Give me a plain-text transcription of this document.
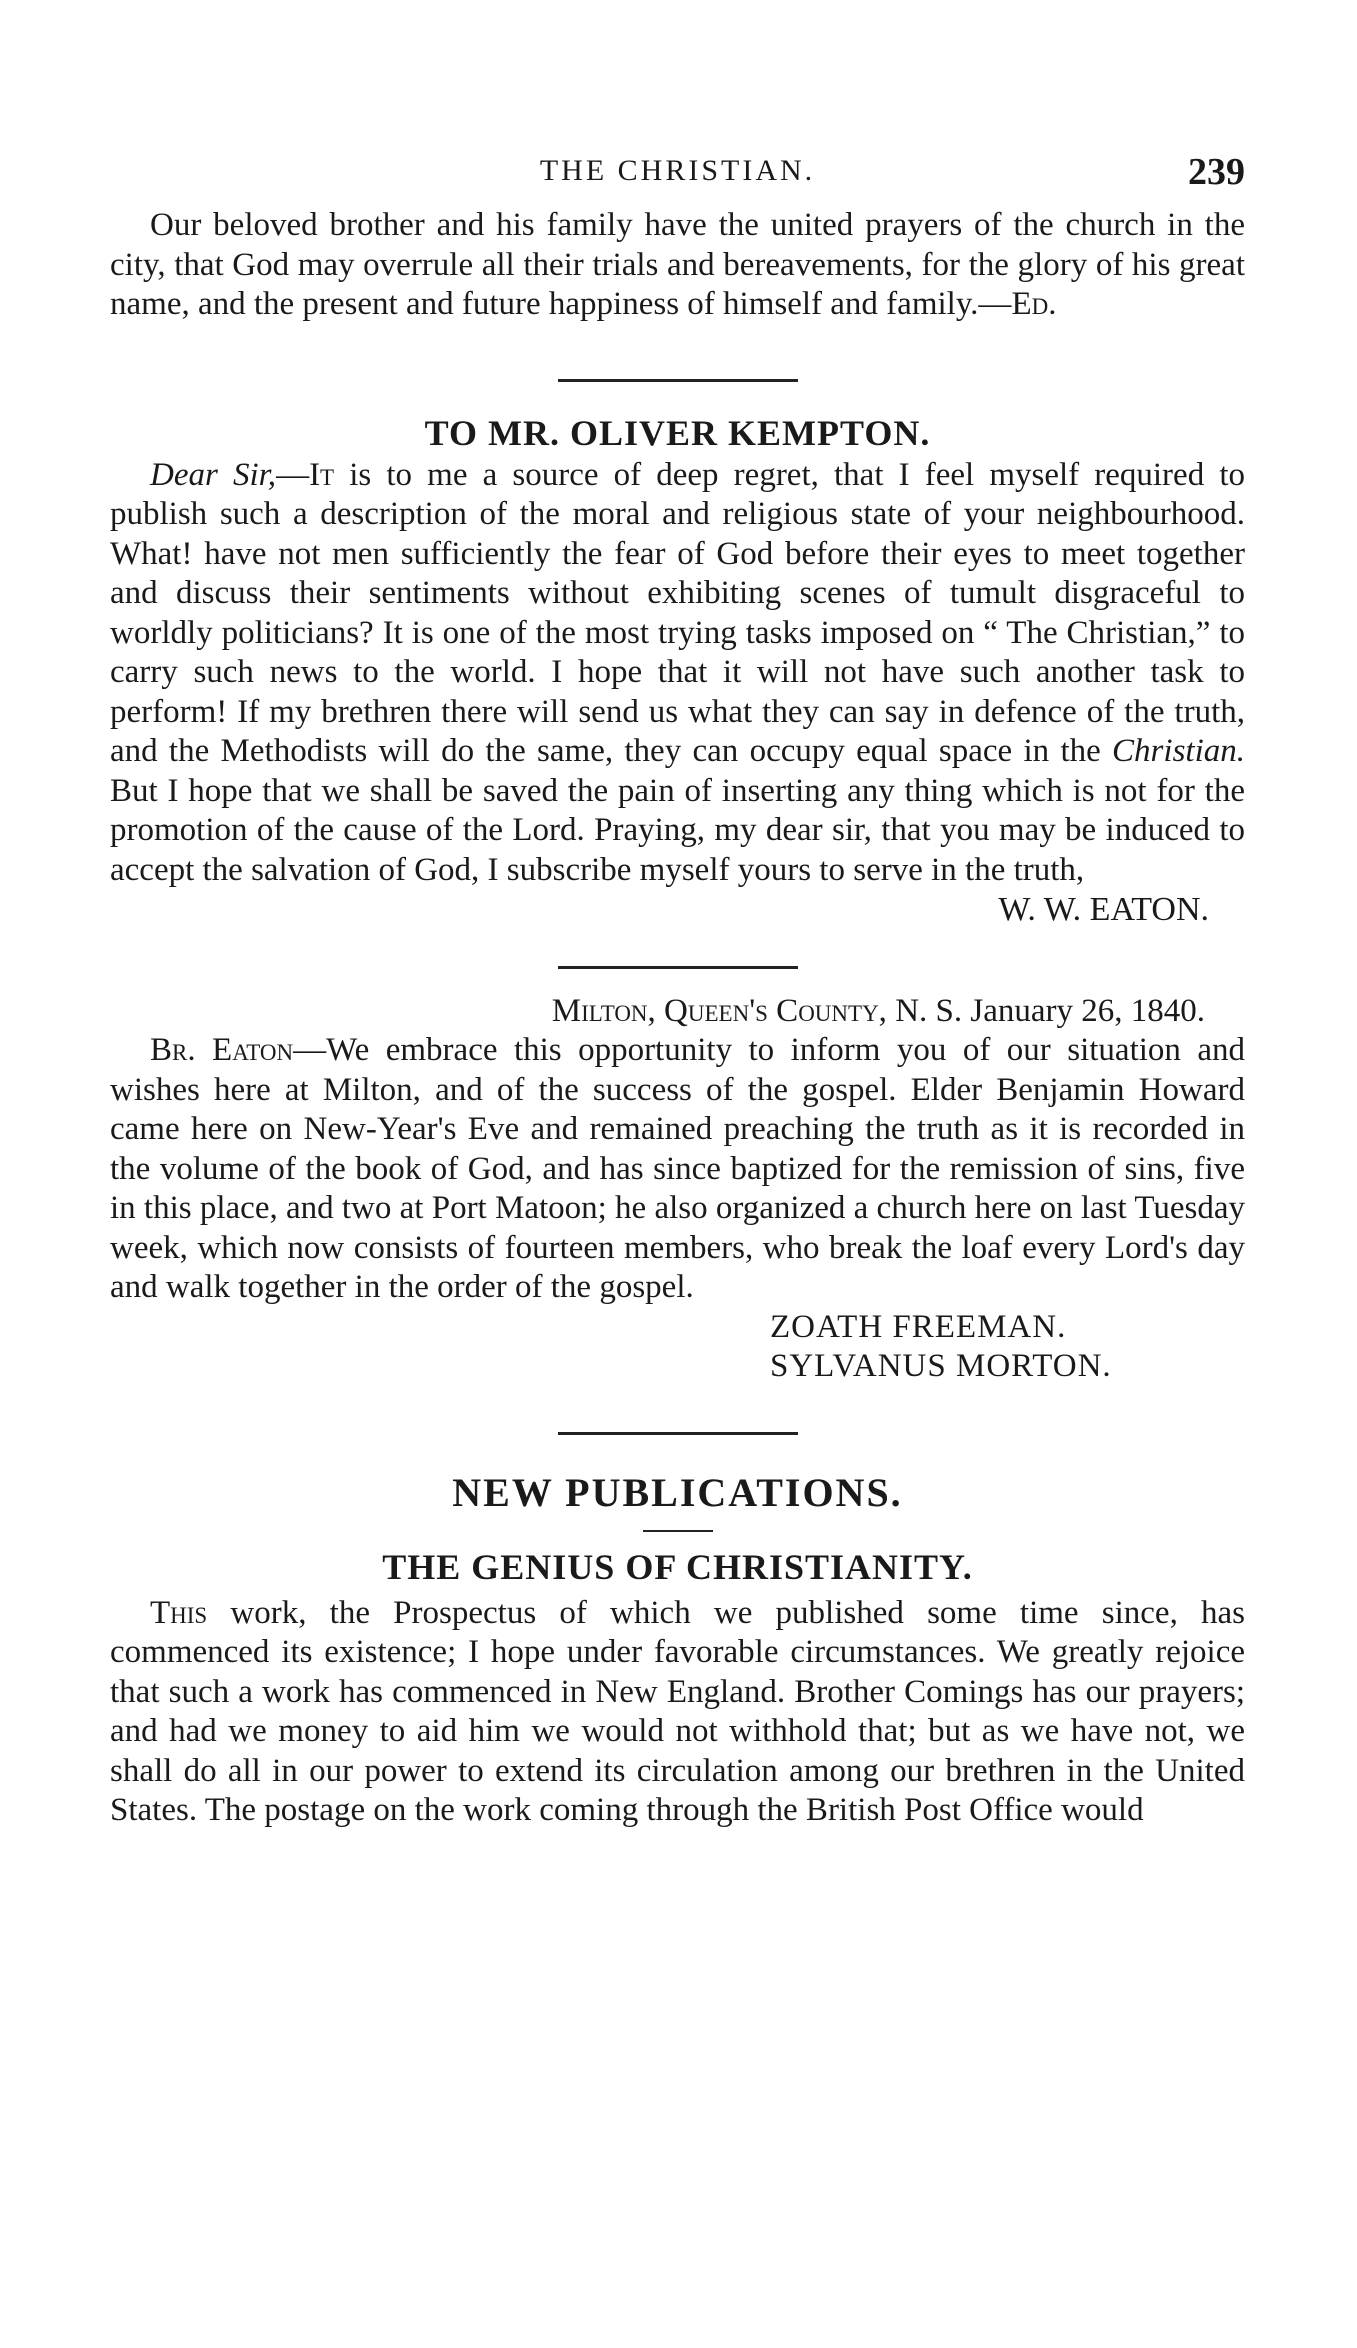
THE CHRISTIAN.	239

Our beloved brother and his family have the united prayers of the church in the city, that God may overrule all their trials and bereavements, for the glory of his great name, and the present and future happiness of himself and family.—Ed.

TO MR. OLIVER KEMPTON.

Dear Sir,—It is to me a source of deep regret, that I feel myself required to publish such a description of the moral and religious state of your neighbourhood. What! have not men sufficiently the fear of God before their eyes to meet together and discuss their sentiments without exhibiting scenes of tumult disgraceful to worldly politicians? It is one of the most trying tasks imposed on “ The Christian,” to carry such news to the world. I hope that it will not have such another task to perform! If my brethren there will send us what they can say in defence of the truth, and the Methodists will do the same, they can occupy equal space in the Christian. But I hope that we shall be saved the pain of inserting any thing which is not for the promotion of the cause of the Lord. Praying, my dear sir, that you may be induced to accept the salvation of God, I subscribe myself yours to serve in the truth,

W. W. EATON.

Milton, Queen's County, N. S. January 26, 1840.

Br. Eaton—We embrace this opportunity to inform you of our situation and wishes here at Milton, and of the success of the gospel. Elder Benjamin Howard came here on New-Year's Eve and remained preaching the truth as it is recorded in the volume of the book of God, and has since baptized for the remission of sins, five in this place, and two at Port Matoon; he also organized a church here on last Tuesday week, which now consists of fourteen members, who break the loaf every Lord's day and walk together in the order of the gospel.

ZOATH FREEMAN.
SYLVANUS MORTON.
NEW PUBLICATIONS.
THE GENIUS OF CHRISTIANITY.

This work, the Prospectus of which we published some time since, has commenced its existence; I hope under favorable circumstances. We greatly rejoice that such a work has commenced in New England. Brother Comings has our prayers; and had we money to aid him we would not withhold that; but as we have not, we shall do all in our power to extend its circulation among our brethren in the United States. The postage on the work coming through the British Post Office would
